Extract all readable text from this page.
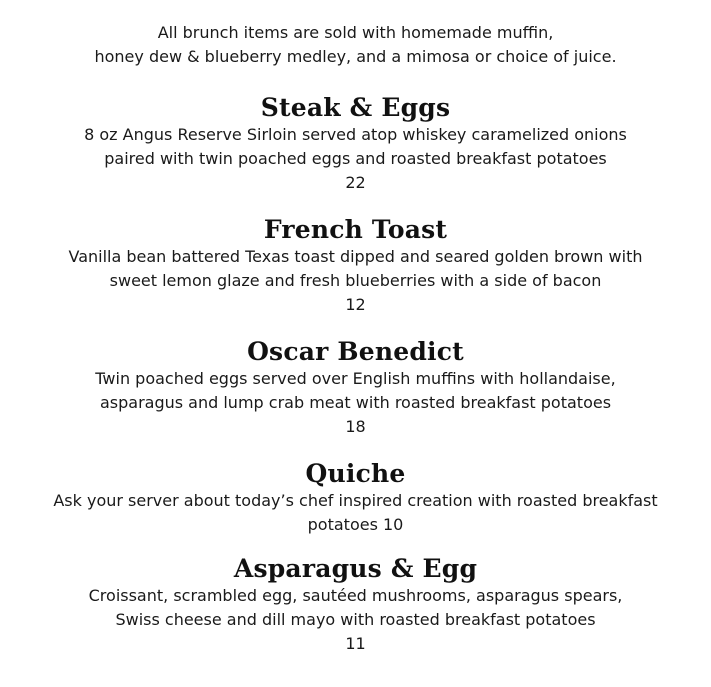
All brunch items are sold with homemade muffin,
honey dew & blueberry medley, and a mimosa or choice of juice.
Steak & Eggs
8 oz Angus Reserve Sirloin served atop whiskey caramelized onions
paired with twin poached eggs and roasted breakfast potatoes
22
French Toast
Vanilla bean battered Texas toast dipped and seared golden brown with
sweet lemon glaze and fresh blueberries with a side of bacon
12
Oscar Benedict
Twin poached eggs served over English muffins with hollandaise,
asparagus and lump crab meat with roasted breakfast potatoes
18
Quiche
Ask your server about today’s chef inspired creation with roasted breakfast
potatoes 10
Asparagus & Egg
Croissant, scrambled egg, sautéed mushrooms, asparagus spears,
Swiss cheese and dill mayo with roasted breakfast potatoes
11
